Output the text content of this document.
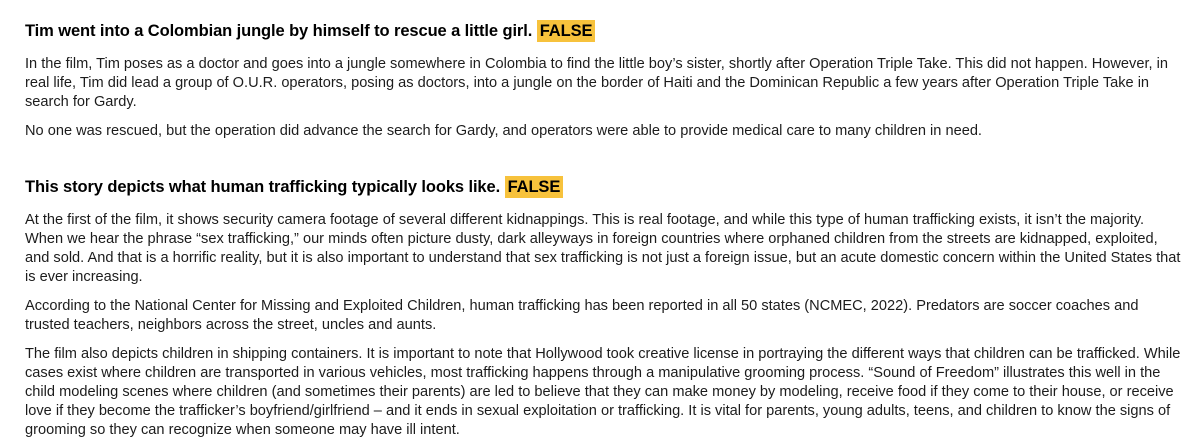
Tim went into a Colombian jungle by himself to rescue a little girl. FALSE

In the film, Tim poses as a doctor and goes into a jungle somewhere in Colombia to find the little boy’s sister, shortly after Operation Triple Take. This did not happen. However, in real life, Tim did lead a group of O.U.R. operators, posing as doctors, into a jungle on the border of Haiti and the Dominican Republic a few years after Operation Triple Take in search for Gardy.

No one was rescued, but the operation did advance the search for Gardy, and operators were able to provide medical care to many children in need.

This story depicts what human trafficking typically looks like. FALSE

At the first of the film, it shows security camera footage of several different kidnappings. This is real footage, and while this type of human trafficking exists, it isn’t the majority. When we hear the phrase “sex trafficking,” our minds often picture dusty, dark alleyways in foreign countries where orphaned children from the streets are kidnapped, exploited, and sold. And that is a horrific reality, but it is also important to understand that sex trafficking is not just a foreign issue, but an acute domestic concern within the United States that is ever increasing.

According to the National Center for Missing and Exploited Children, human trafficking has been reported in all 50 states (NCMEC, 2022). Predators are soccer coaches and trusted teachers, neighbors across the street, uncles and aunts.

The film also depicts children in shipping containers. It is important to note that Hollywood took creative license in portraying the different ways that children can be trafficked. While cases exist where children are transported in various vehicles, most trafficking happens through a manipulative grooming process. “Sound of Freedom” illustrates this well in the child modeling scenes where children (and sometimes their parents) are led to believe that they can make money by modeling, receive food if they come to their house, or receive love if they become the trafficker’s boyfriend/girlfriend – and it ends in sexual exploitation or trafficking. It is vital for parents, young adults, teens, and children to know the signs of grooming so they can recognize when someone may have ill intent.
